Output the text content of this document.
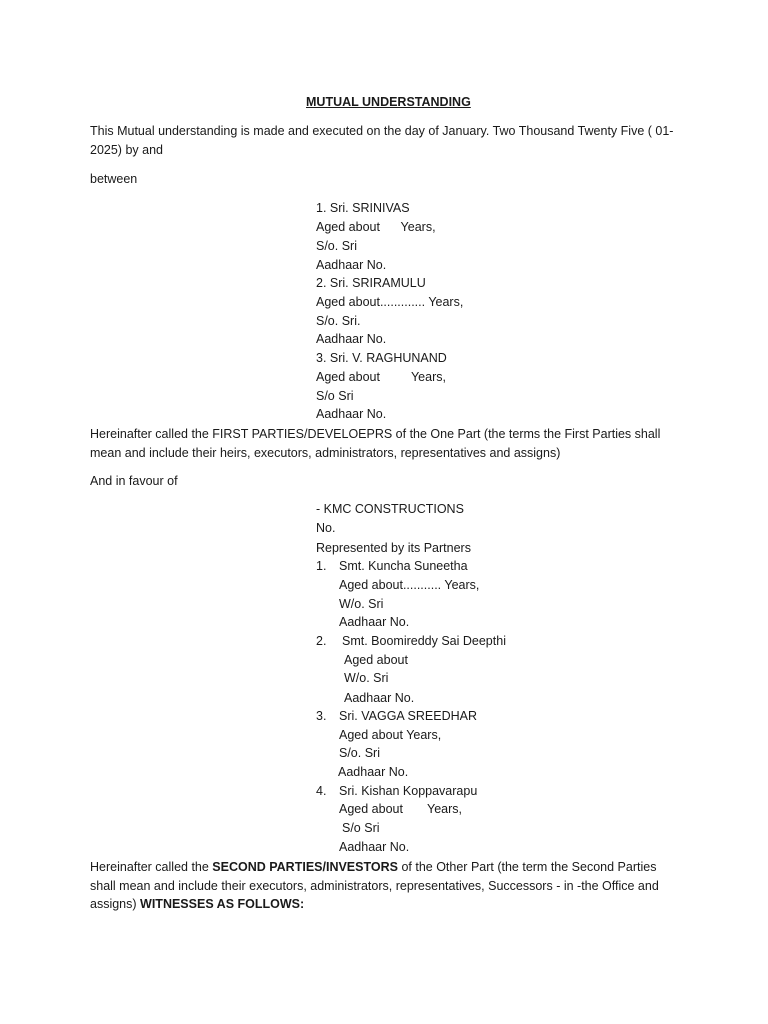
MUTUAL UNDERSTANDING
This Mutual understanding is made and executed on the day of January. Two Thousand Twenty Five ( 01-2025) by and
between
1. Sri. SRINIVAS
Aged about      Years,
S/o. Sri
Aadhaar No.
2. Sri. SRIRAMULU
Aged about............. Years,
S/o. Sri.
Aadhaar No.
3. Sri. V. RAGHUNAND
Aged about         Years,
S/o Sri
Aadhaar No.
Hereinafter called the FIRST PARTIES/DEVELOEPRS of the One Part (the terms the First Parties shall mean and include their heirs, executors, administrators, representatives and assigns)
And in favour of
- KMC CONSTRUCTIONS
No.
Represented by its Partners
1. Smt. Kuncha Suneetha
Aged about........... Years,
W/o. Sri
Aadhaar No.
2. Smt. Boomireddy Sai Deepthi
Aged about
W/o. Sri
Aadhaar No.
3. Sri. VAGGA SREEDHAR
Aged about Years,
S/o. Sri
Aadhaar No.
4. Sri. Kishan Koppavarapu
Aged about       Years,
S/o Sri
Aadhaar No.
Hereinafter called the SECOND PARTIES/INVESTORS of the Other Part (the term the Second Parties shall mean and include their executors, administrators, representatives, Successors - in -the Office and assigns) WITNESSES AS FOLLOWS:
